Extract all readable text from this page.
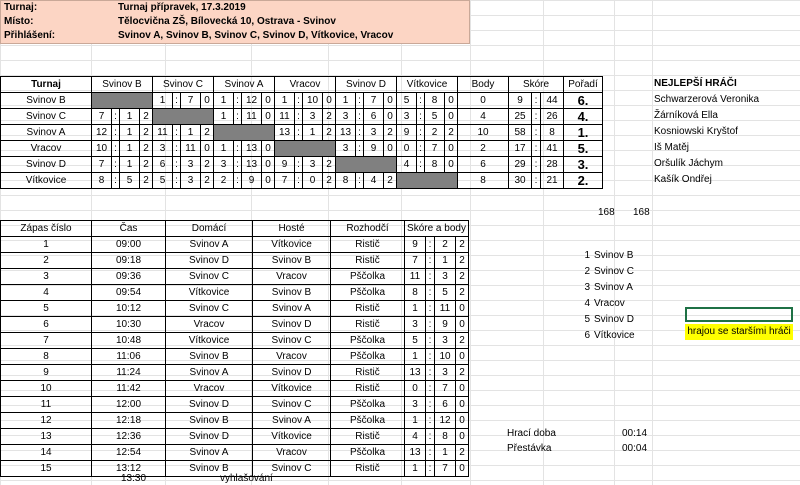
Turnaj:	Turnaj přípravek, 17.3.2019
Místo:	Tělocvična ZŠ, Bílovecká 10, Ostrava - Svinov
Přihlášení:	Svinov A, Svinov B, Svinov C, Svinov D, Vítkovice, Vracov
Turnaj	Svinov B				Svinov C				Svinov A				Vracov				Svinov D				Vítkovice				Body	Skóre			Pořadí
Svinov B					1	:	7	0	1	:	12	0	1	:	10	0	1	:	7	0	5	:	8	0	0	9	:	44	6.
Svinov C	7	:	1	2					1	:	11	0	11	:	3	2	3	:	6	0	3	:	5	0	4	25	:	26	4.
Svinov A	12	:	1	2	11	:	1	2					13	:	1	2	13	:	3	2	9	:	2	2	10	58	:	8	1.
Vracov	10	:	1	2	3	:	11	0	1	:	13	0					3	:	9	0	0	:	7	0	2	17	:	41	5.
Svinov D	7	:	1	2	6	:	3	2	3	:	13	0	9	:	3	2					4	:	8	0	6	29	:	28	3.
Vítkovice	8	:	5	2	5	:	3	2	2	:	9	0	7	:	0	2	8	:	4	2					8	30	:	21	2.
NEJLEPŠÍ HRÁČI
Schwarzerová Veronika
Žárníková Ella
Kosniowski Kryštof
Iš Matěj
Oršulík Jáchym
Kašík Ondřej
168 168
Zápas číslo	Čas	Domácí	Hosté	Rozhodčí	Skóre a body			
1	09:00	Svinov A	Vítkovice	Ristič	9	:	2	2
2	09:18	Svinov D	Svinov B	Ristič	7	:	1	2
3	09:36	Svinov C	Vracov	Pščolka	11	:	3	2
4	09:54	Vítkovice	Svinov B	Pščolka	8	:	5	2
5	10:12	Svinov C	Svinov A	Ristič	1	:	11	0
6	10:30	Vracov	Svinov D	Ristič	3	:	9	0
7	10:48	Vítkovice	Svinov C	Pščolka	5	:	3	2
8	11:06	Svinov B	Vracov	Pščolka	1	:	10	0
9	11:24	Svinov A	Svinov D	Ristič	13	:	3	2
10	11:42	Vracov	Vítkovice	Ristič	0	:	7	0
11	12:00	Svinov D	Svinov C	Pščolka	3	:	6	0
12	12:18	Svinov B	Svinov A	Pščolka	1	:	12	0
13	12:36	Svinov D	Vítkovice	Ristič	4	:	8	0
14	12:54	Svinov A	Vracov	Pščolka	13	:	1	2
15	13:12	Svinov B	Svinov C	Ristič	1	:	7	0
1 Svinov B
2 Svinov C
3 Svinov A
4 Vracov
5 Svinov D
6 Vítkovice	hrajou se staršími hráči
Hrací doba	00:14
Přestávka	00:04
13:30	vyhlašování
